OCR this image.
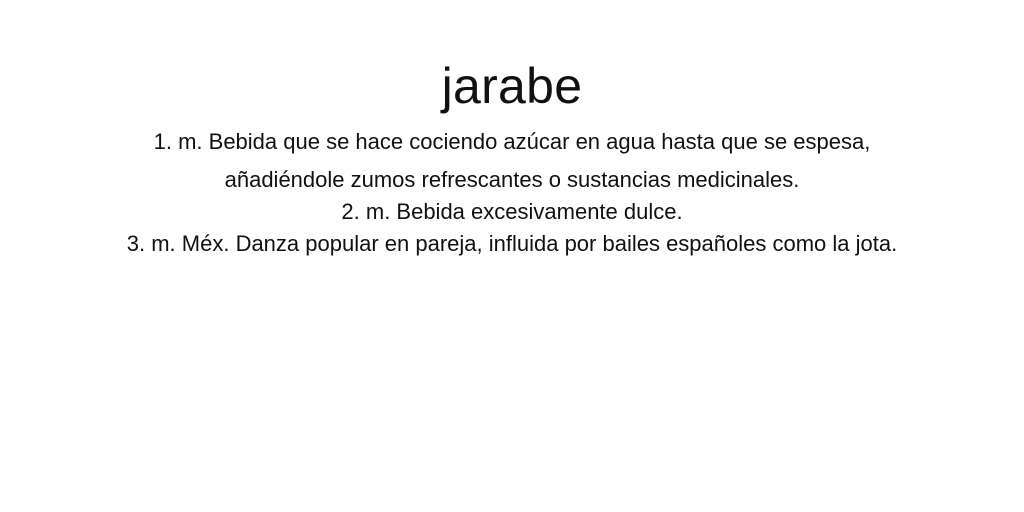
jarabe
1. m. Bebida que se hace cociendo azúcar en agua hasta que se espesa,
añadiéndole zumos refrescantes o sustancias medicinales.
2. m. Bebida excesivamente dulce.
3. m. Méx. Danza popular en pareja, influida por bailes españoles como la jota.
